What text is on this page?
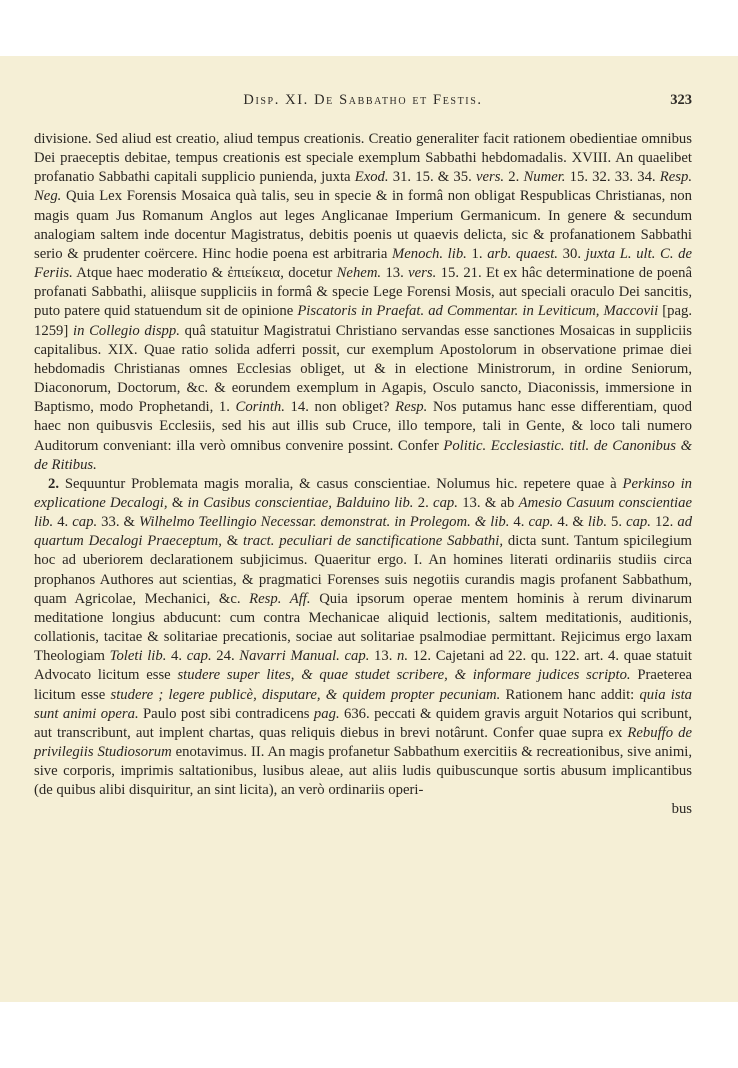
Disp. XI. De Sabbatho et Festis.	323

divisione. Sed aliud est creatio, aliud tempus creationis. Creatio generaliter facit rationem obedientiae omnibus Dei praeceptis debitae, tempus creationis est speciale exemplum Sabbathi hebdomadalis. XVIII. An quaelibet profanatio Sabbathi capitali supplicio punienda, juxta Exod. 31. 15. & 35. vers. 2. Numer. 15. 32. 33. 34. Resp. Neg. Quia Lex Forensis Mosaica quà talis, seu in specie & in formâ non obligat Respublicas Christianas, non magis quam Jus Romanum Anglos aut leges Anglicanae Imperium Germanicum. In genere & secundum analogiam saltem inde docentur Magistratus, debitis poenis ut quaevis delicta, sic & profanationem Sabbathi serio & prudenter coërcere. Hinc hodie poena est arbitraria Menoch. lib. 1. arb. quaest. 30. juxta L. ult. C. de Feriis. Atque haec moderatio & ἐπιείκεια, docetur Nehem. 13. vers. 15. 21. Et ex hâc determinatione de poenâ profanati Sabbathi, aliisque suppliciis in formâ & specie Lege Forensi Mosis, aut speciali oraculo Dei sancitis, puto patere quid statuendum sit de opinione Piscatoris in Praefat. ad Commentar. in Leviticum, Maccovii [pag. 1259] in Collegio dispp. quâ statuitur Magistratui Christiano servandas esse sanctiones Mosaicas in suppliciis capitalibus. XIX. Quae ratio solida adferri possit, cur exemplum Apostolorum in observatione primae diei hebdomadis Christianas omnes Ecclesias obliget, ut & in electione Ministrorum, in ordine Seniorum, Diaconorum, Doctorum, &c. & eorundem exemplum in Agapis, Osculo sancto, Diaconissis, immersione in Baptismo, modo Prophetandi, 1. Corinth. 14. non obliget? Resp. Nos putamus hanc esse differentiam, quod haec non quibusvis Ecclesiis, sed his aut illis sub Cruce, illo tempore, tali in Gente, & loco tali numero Auditorum conveniant: illa verò omnibus convenire possint. Confer Politic. Ecclesiastic. titl. de Canonibus & de Ritibus.

2. Sequuntur Problemata magis moralia, & casus conscientiae. Nolumus hic. repetere quae à Perkinso in explicatione Decalogi, & in Casibus conscientiae, Balduino lib. 2. cap. 13. & ab Amesio Casuum conscientiae lib. 4. cap. 33. & Wilhelmo Teellingio Necessar. demonstrat. in Prolegom. & lib. 4. cap. 4. & lib. 5. cap. 12. ad quartum Decalogi Praeceptum, & tract. peculiari de sanctificatione Sabbathi, dicta sunt. Tantum spicilegium hoc ad uberiorem declarationem subjicimus. Quaeritur ergo. I. An homines literati ordinariis studiis circa prophanos Authores aut scientias, & pragmatici Forenses suis negotiis curandis magis profanent Sabbathum, quam Agricolae, Mechanici, &c. Resp. Aff. Quia ipsorum operae mentem hominis à rerum divinarum meditatione longius abducunt: cum contra Mechanicae aliquid lectionis, saltem meditationis, auditionis, collationis, tacitae & solitariae precationis, sociae aut solitariae psalmodiae permittant. Rejicimus ergo laxam Theologiam Toleti lib. 4. cap. 24. Navarri Manual. cap. 13. n. 12. Cajetani ad 22. qu. 122. art. 4. quae statuit Advocato licitum esse studere super lites, & quae studet scribere, & informare judices scripto. Praeterea licitum esse studere ; legere publicè, disputare, & quidem propter pecuniam. Rationem hanc addit: quia ista sunt animi opera. Paulo post sibi contradicens pag. 636. peccati & quidem gravis arguit Notarios qui scribunt, aut transcribunt, aut implent chartas, quas reliquis diebus in brevi notârunt. Confer quae supra ex Rebuffo de privilegiis Studiosorum enotavimus. II. An magis profanetur Sabbathum exercitiis & recreationibus, sive animi, sive corporis, imprimis saltationibus, lusibus aleae, aut aliis ludis quibuscunque sortis abusum implicantibus (de quibus alibi disquiritur, an sint licita), an verò ordinariis operi-

bus
